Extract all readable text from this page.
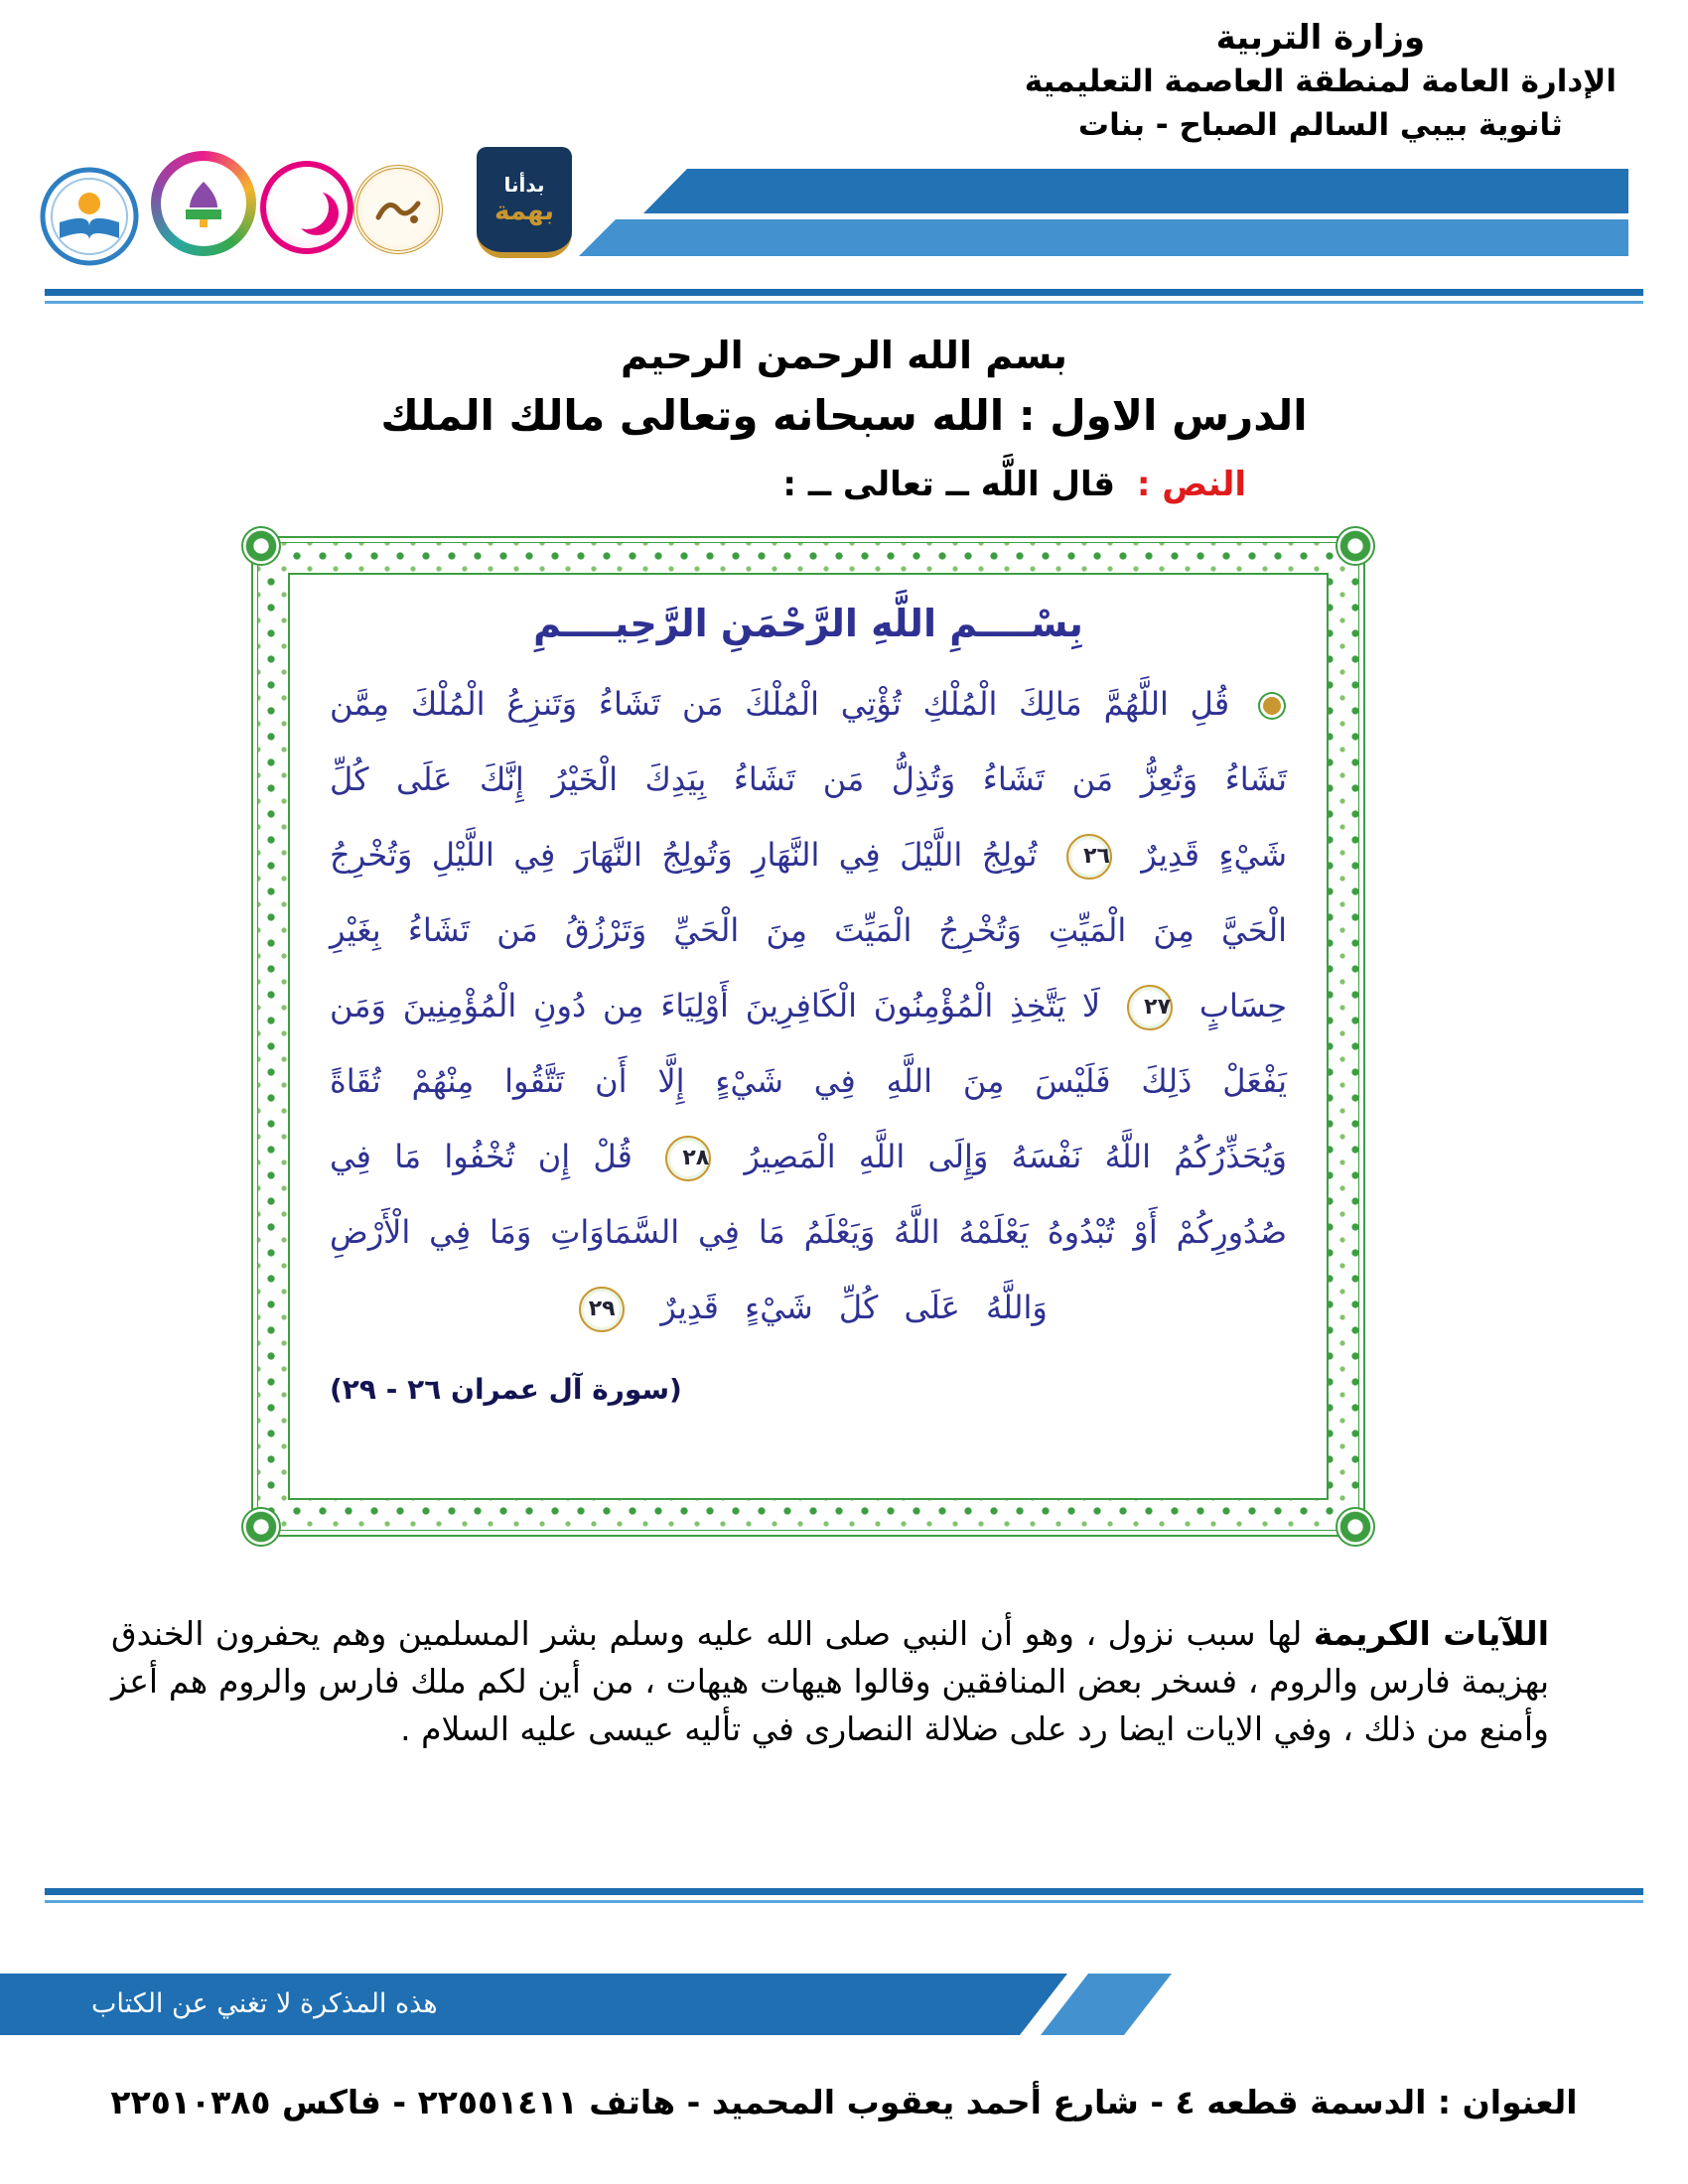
وزارة التربية
الإدارة العامة لمنطقة العاصمة التعليمية
ثانوية بيبي السالم الصباح - بنات
بدأنا
بهمة
بسم الله الرحمن الرحيم
الدرس الاول : الله سبحانه وتعالى مالك الملك
النص : قال اللَّه ــ تعالى ــ :
بِسْــــمِ اللَّهِ الرَّحْمَنِ الرَّحِيــــمِ
قُلِ اللَّهُمَّ مَالِكَ الْمُلْكِ تُؤْتِي الْمُلْكَ مَن تَشَاءُ وَتَنزِعُ الْمُلْكَ مِمَّن
تَشَاءُ وَتُعِزُّ مَن تَشَاءُ وَتُذِلُّ مَن تَشَاءُ بِيَدِكَ الْخَيْرُ إِنَّكَ عَلَى كُلِّ
شَيْءٍ قَدِيرٌ ٢٦ تُولِجُ اللَّيْلَ فِي النَّهَارِ وَتُولِجُ النَّهَارَ فِي اللَّيْلِ وَتُخْرِجُ
الْحَيَّ مِنَ الْمَيِّتِ وَتُخْرِجُ الْمَيِّتَ مِنَ الْحَيِّ وَتَرْزُقُ مَن تَشَاءُ بِغَيْرِ
حِسَابٍ ٢٧ لَا يَتَّخِذِ الْمُؤْمِنُونَ الْكَافِرِينَ أَوْلِيَاءَ مِن دُونِ الْمُؤْمِنِينَ وَمَن
يَفْعَلْ ذَلِكَ فَلَيْسَ مِنَ اللَّهِ فِي شَيْءٍ إِلَّا أَن تَتَّقُوا مِنْهُمْ تُقَاةً
وَيُحَذِّرُكُمُ اللَّهُ نَفْسَهُ وَإِلَى اللَّهِ الْمَصِيرُ ٢٨ قُلْ إِن تُخْفُوا مَا فِي
صُدُورِكُمْ أَوْ تُبْدُوهُ يَعْلَمْهُ اللَّهُ وَيَعْلَمُ مَا فِي السَّمَاوَاتِ وَمَا فِي الْأَرْضِ
وَاللَّهُ عَلَى كُلِّ شَيْءٍ قَدِيرٌ ٢٩
(سورة آل عمران ٢٦ - ٢٩)
اللآيات الكريمة لها سبب نزول ، وهو أن النبي صلى الله عليه وسلم بشر المسلمين وهم يحفرون الخندق بهزيمة فارس والروم ، فسخر بعض المنافقين وقالوا هيهات هيهات ، من أين لكم ملك فارس والروم هم أعز وأمنع من ذلك ، وفي الايات ايضا رد على ضلالة النصارى في تأليه عيسى عليه السلام .
هذه المذكرة لا تغني عن الكتاب
العنوان : الدسمة قطعه ٤ - شارع أحمد يعقوب المحميد - هاتف ٢٢٥٥١٤١١ - فاكس ٢٢٥١٠٣٨٥
